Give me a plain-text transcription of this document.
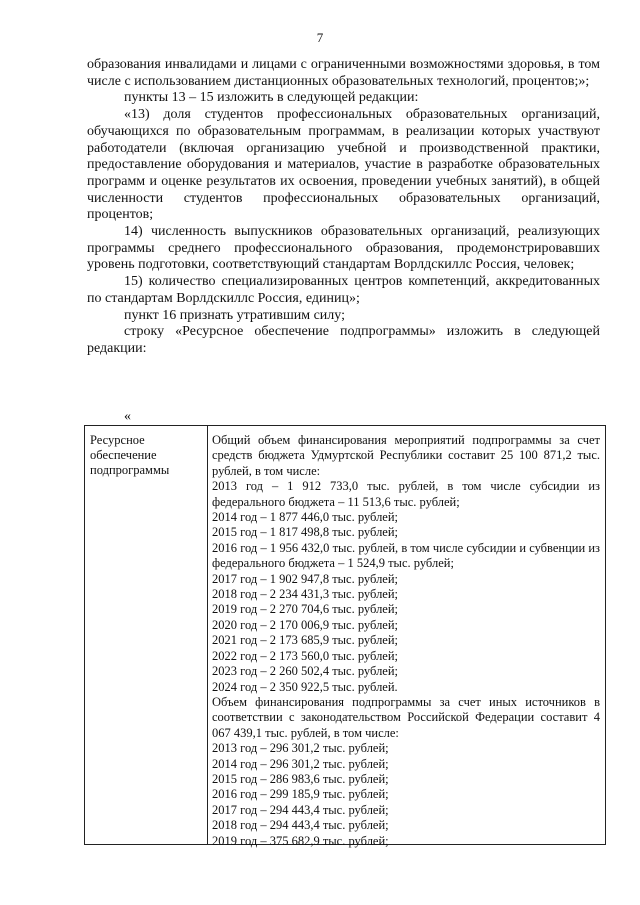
7

образования инвалидами и лицами с ограниченными возможностями здоровья, в том числе с использованием дистанционных образовательных технологий, процентов;»;

пункты 13 – 15 изложить в следующей редакции:

«13) доля студентов профессиональных образовательных организаций, обучающихся по образовательным программам, в реализации которых участвуют работодатели (включая организацию учебной и производственной практики, предоставление оборудования и материалов, участие в разработке образовательных программ и оценке результатов их освоения, проведении учебных занятий), в общей численности студентов профессиональных образовательных организаций, процентов;

14) численность выпускников образовательных организаций, реализующих программы среднего профессионального образования, продемонстрировавших уровень подготовки, соответствующий стандартам Ворлдскиллс Россия, человек;

15) количество специализированных центров компетенций, аккредитованных по стандартам Ворлдскиллс Россия, единиц»;

пункт 16 признать утратившим силу;

строку «Ресурсное обеспечение подпрограммы» изложить в следующей редакции:

«
Ресурсное обеспечение подпрограммы
Общий объем финансирования мероприятий подпрограммы за счет средств бюджета Удмуртской Республики составит 25 100 871,2 тыс. рублей, в том числе:
2013 год – 1 912 733,0 тыс. рублей, в том числе субсидии из федерального бюджета – 11 513,6 тыс. рублей;
2014 год – 1 877 446,0 тыс. рублей;
2015 год – 1 817 498,8 тыс. рублей;
2016 год – 1 956 432,0 тыс. рублей, в том числе субсидии и субвенции из федерального бюджета – 1 524,9 тыс. рублей;
2017 год – 1 902 947,8 тыс. рублей;
2018 год – 2 234 431,3 тыс. рублей;
2019 год – 2 270 704,6 тыс. рублей;
2020 год – 2 170 006,9 тыс. рублей;
2021 год – 2 173 685,9 тыс. рублей;
2022 год – 2 173 560,0 тыс. рублей;
2023 год – 2 260 502,4 тыс. рублей;
2024 год – 2 350 922,5 тыс. рублей.
Объем финансирования подпрограммы за счет иных источников в соответствии с законодательством Российской Федерации составит 4 067 439,1 тыс. рублей, в том числе:
2013 год – 296 301,2 тыс. рублей;
2014 год – 296 301,2 тыс. рублей;
2015 год – 286 983,6 тыс. рублей;
2016 год – 299 185,9 тыс. рублей;
2017 год – 294 443,4 тыс. рублей;
2018 год – 294 443,4 тыс. рублей;
2019 год – 375 682,9 тыс. рублей;
